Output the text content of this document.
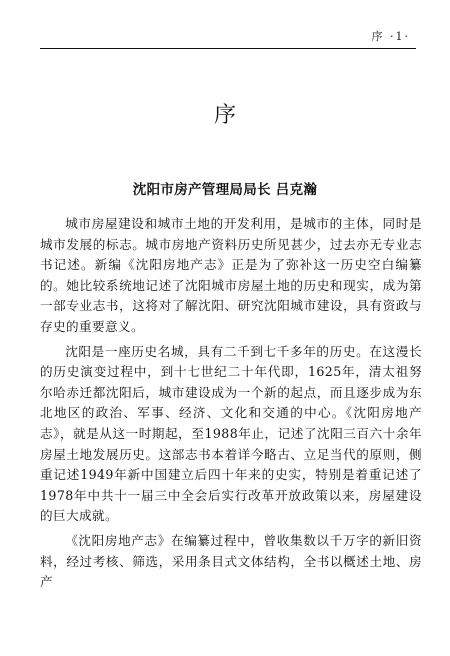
序 ·1·
序
沈阳市房产管理局局长 吕克瀚

城市房屋建设和城市土地的开发利用，是城市的主体，同时是城市发展的标志。城市房地产资料历史所见甚少，过去亦无专业志书记述。新编《沈阳房地产志》正是为了弥补这一历史空白编纂的。她比较系统地记述了沈阳城市房屋土地的历史和现实，成为第一部专业志书，这将对了解沈阳、研究沈阳城市建设，具有资政与存史的重要意义。

沈阳是一座历史名城，具有二千到七千多年的历史。在这漫长的历史演变过程中，到十七世纪二十年代即，1625年，清太祖努尔哈赤迁都沈阳后，城市建设成为一个新的起点，而且逐步成为东北地区的政治、军事、经济、文化和交通的中心。《沈阳房地产志》，就是从这一时期起，至1988年止，记述了沈阳三百六十余年房屋土地发展历史。这部志书本着详今略古、立足当代的原则，侧重记述1949年新中国建立后四十年来的史实，特别是着重记述了1978年中共十一届三中全会后实行改革开放政策以来，房屋建设的巨大成就。

《沈阳房地产志》在编纂过程中，曾收集数以千万字的新旧资料，经过考核、筛选，采用条目式文体结构，全书以概述土地、房产
